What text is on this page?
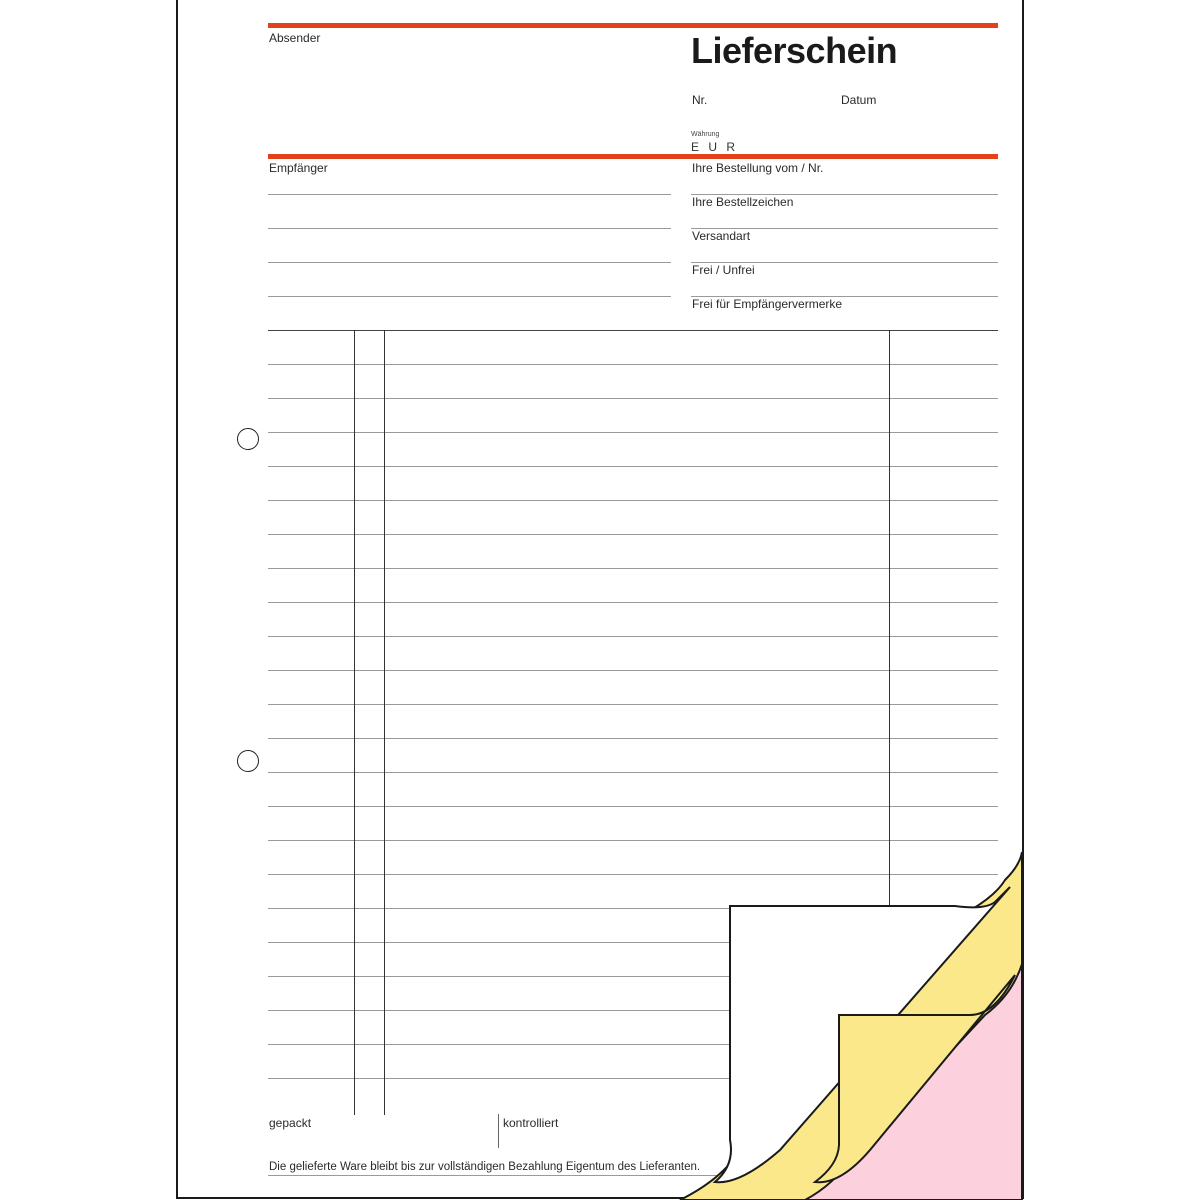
Absender	Lieferschein
Nr.	Datum
Währung
E U R
Empfänger	Ihre Bestellung vom / Nr.
Ihre Bestellzeichen
Versandart
Frei / Unfrei
Frei für Empfängervermerke
gepackt	kontrolliert
Die gelieferte Ware bleibt bis zur vollständigen Bezahlung Eigentum des Lieferanten.
